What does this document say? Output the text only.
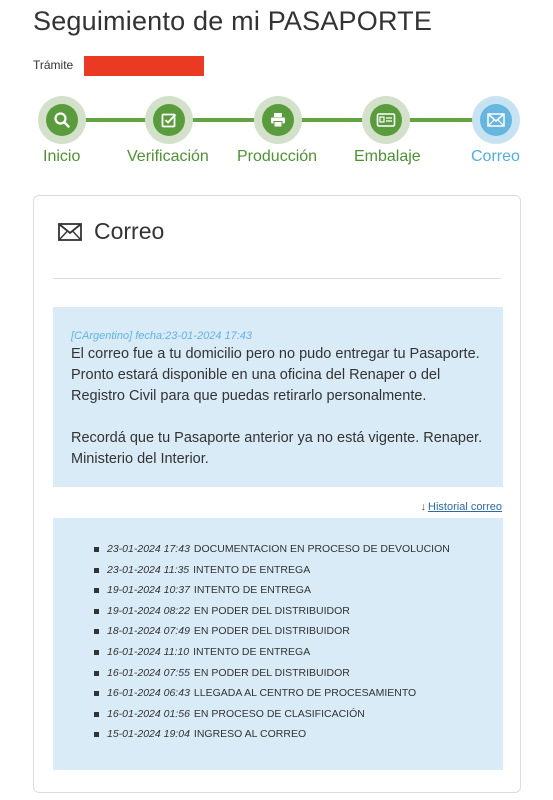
Seguimiento de mi PASAPORTE
Trámite
Inicio	Verificación Producción Embalaje	Correo
Correo
[CArgentino] fecha:23-01-2024 17:43

El correo fue a tu domicilio pero no pudo entregar tu Pasaporte. Pronto estará disponible en una oficina del Renaper o del Registro Civil para que puedas retirarlo personalmente.

Recordá que tu Pasaporte anterior ya no está vigente. Renaper. Ministerio del Interior.

↓ Historial correo
23-01-2024 17:43 DOCUMENTACION EN PROCESO DE DEVOLUCION
23-01-2024 11:35 INTENTO DE ENTREGA
19-01-2024 10:37 INTENTO DE ENTREGA
19-01-2024 08:22 EN PODER DEL DISTRIBUIDOR
18-01-2024 07:49 EN PODER DEL DISTRIBUIDOR
16-01-2024 11:10 INTENTO DE ENTREGA
16-01-2024 07:55 EN PODER DEL DISTRIBUIDOR
16-01-2024 06:43 LLEGADA AL CENTRO DE PROCESAMIENTO
16-01-2024 01:56 EN PROCESO DE CLASIFICACIÓN
15-01-2024 19:04 INGRESO AL CORREO
